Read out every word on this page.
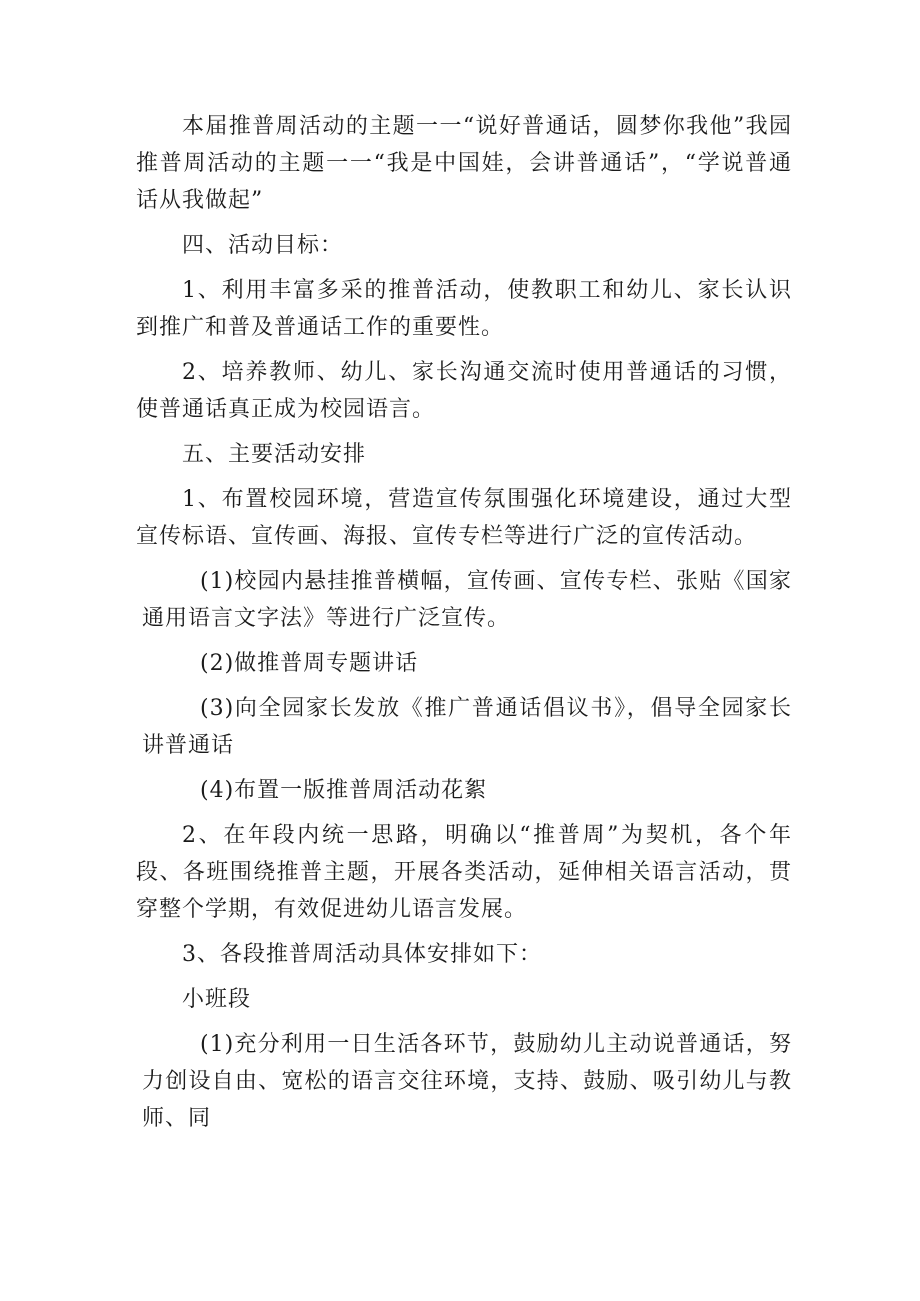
本届推普周活动的主题一一“说好普通话，圆梦你我他”我园推普周活动的主题一一“我是中国娃，会讲普通话”，“学说普通话从我做起”

四、活动目标：

1、利用丰富多采的推普活动，使教职工和幼儿、家长认识到推广和普及普通话工作的重要性。

2、培养教师、幼儿、家长沟通交流时使用普通话的习惯，使普通话真正成为校园语言。

五、主要活动安排

1、布置校园环境，营造宣传氛围强化环境建设，通过大型宣传标语、宣传画、海报、宣传专栏等进行广泛的宣传活动。

(1)校园内悬挂推普横幅，宣传画、宣传专栏、张贴《国家通用语言文字法》等进行广泛宣传。

(2)做推普周专题讲话

(3)向全园家长发放《推广普通话倡议书》，倡导全园家长讲普通话

(4)布置一版推普周活动花絮

2、在年段内统一思路，明确以“推普周”为契机，各个年段、各班围绕推普主题，开展各类活动，延伸相关语言活动，贯穿整个学期，有效促进幼儿语言发展。

3、各段推普周活动具体安排如下：

小班段

(1)充分利用一日生活各环节，鼓励幼儿主动说普通话，努力创设自由、宽松的语言交往环境，支持、鼓励、吸引幼儿与教师、同
